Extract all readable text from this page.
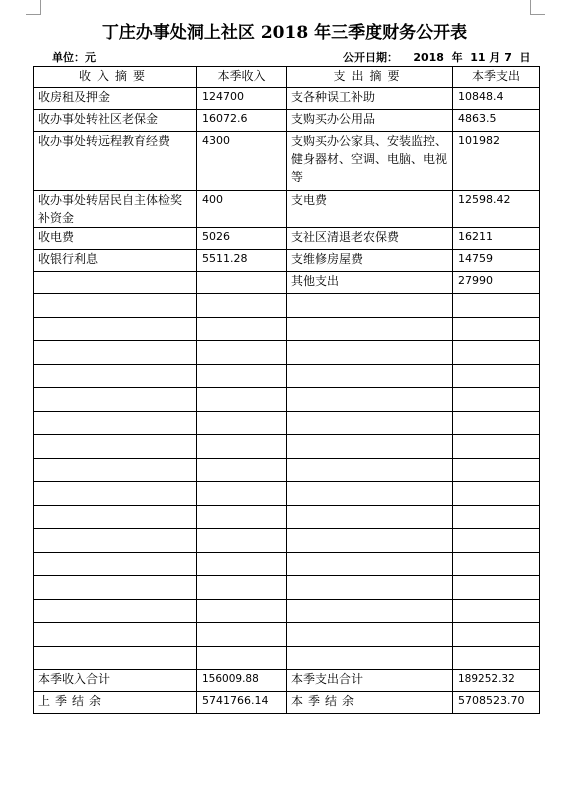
丁庄办事处洞上社区 2018 年三季度财务公开表
单位：元	公开日期： 2018  年  11 月 7  日
收入摘要	本季收入	支出摘要	本季支出
收房租及押金	124700	支各种误工补助	10848.4
收办事处转社区老保金	16072.6	支购买办公用品	4863.5
收办事处转远程教育经费	4300	支购买办公家具、安装监控、健身器材、空调、电脑、电视等	101982
收办事处转居民自主体检奖补资金	400	支电费	12598.42
收电费	5026	支社区清退老农保费	16211
收银行利息	5511.28	支维修房屋费	14759
		其他支出	27990

本季收入合计	156009.88	本季支出合计	189252.32
上季结余	5741766.14	本季结余	5708523.70
